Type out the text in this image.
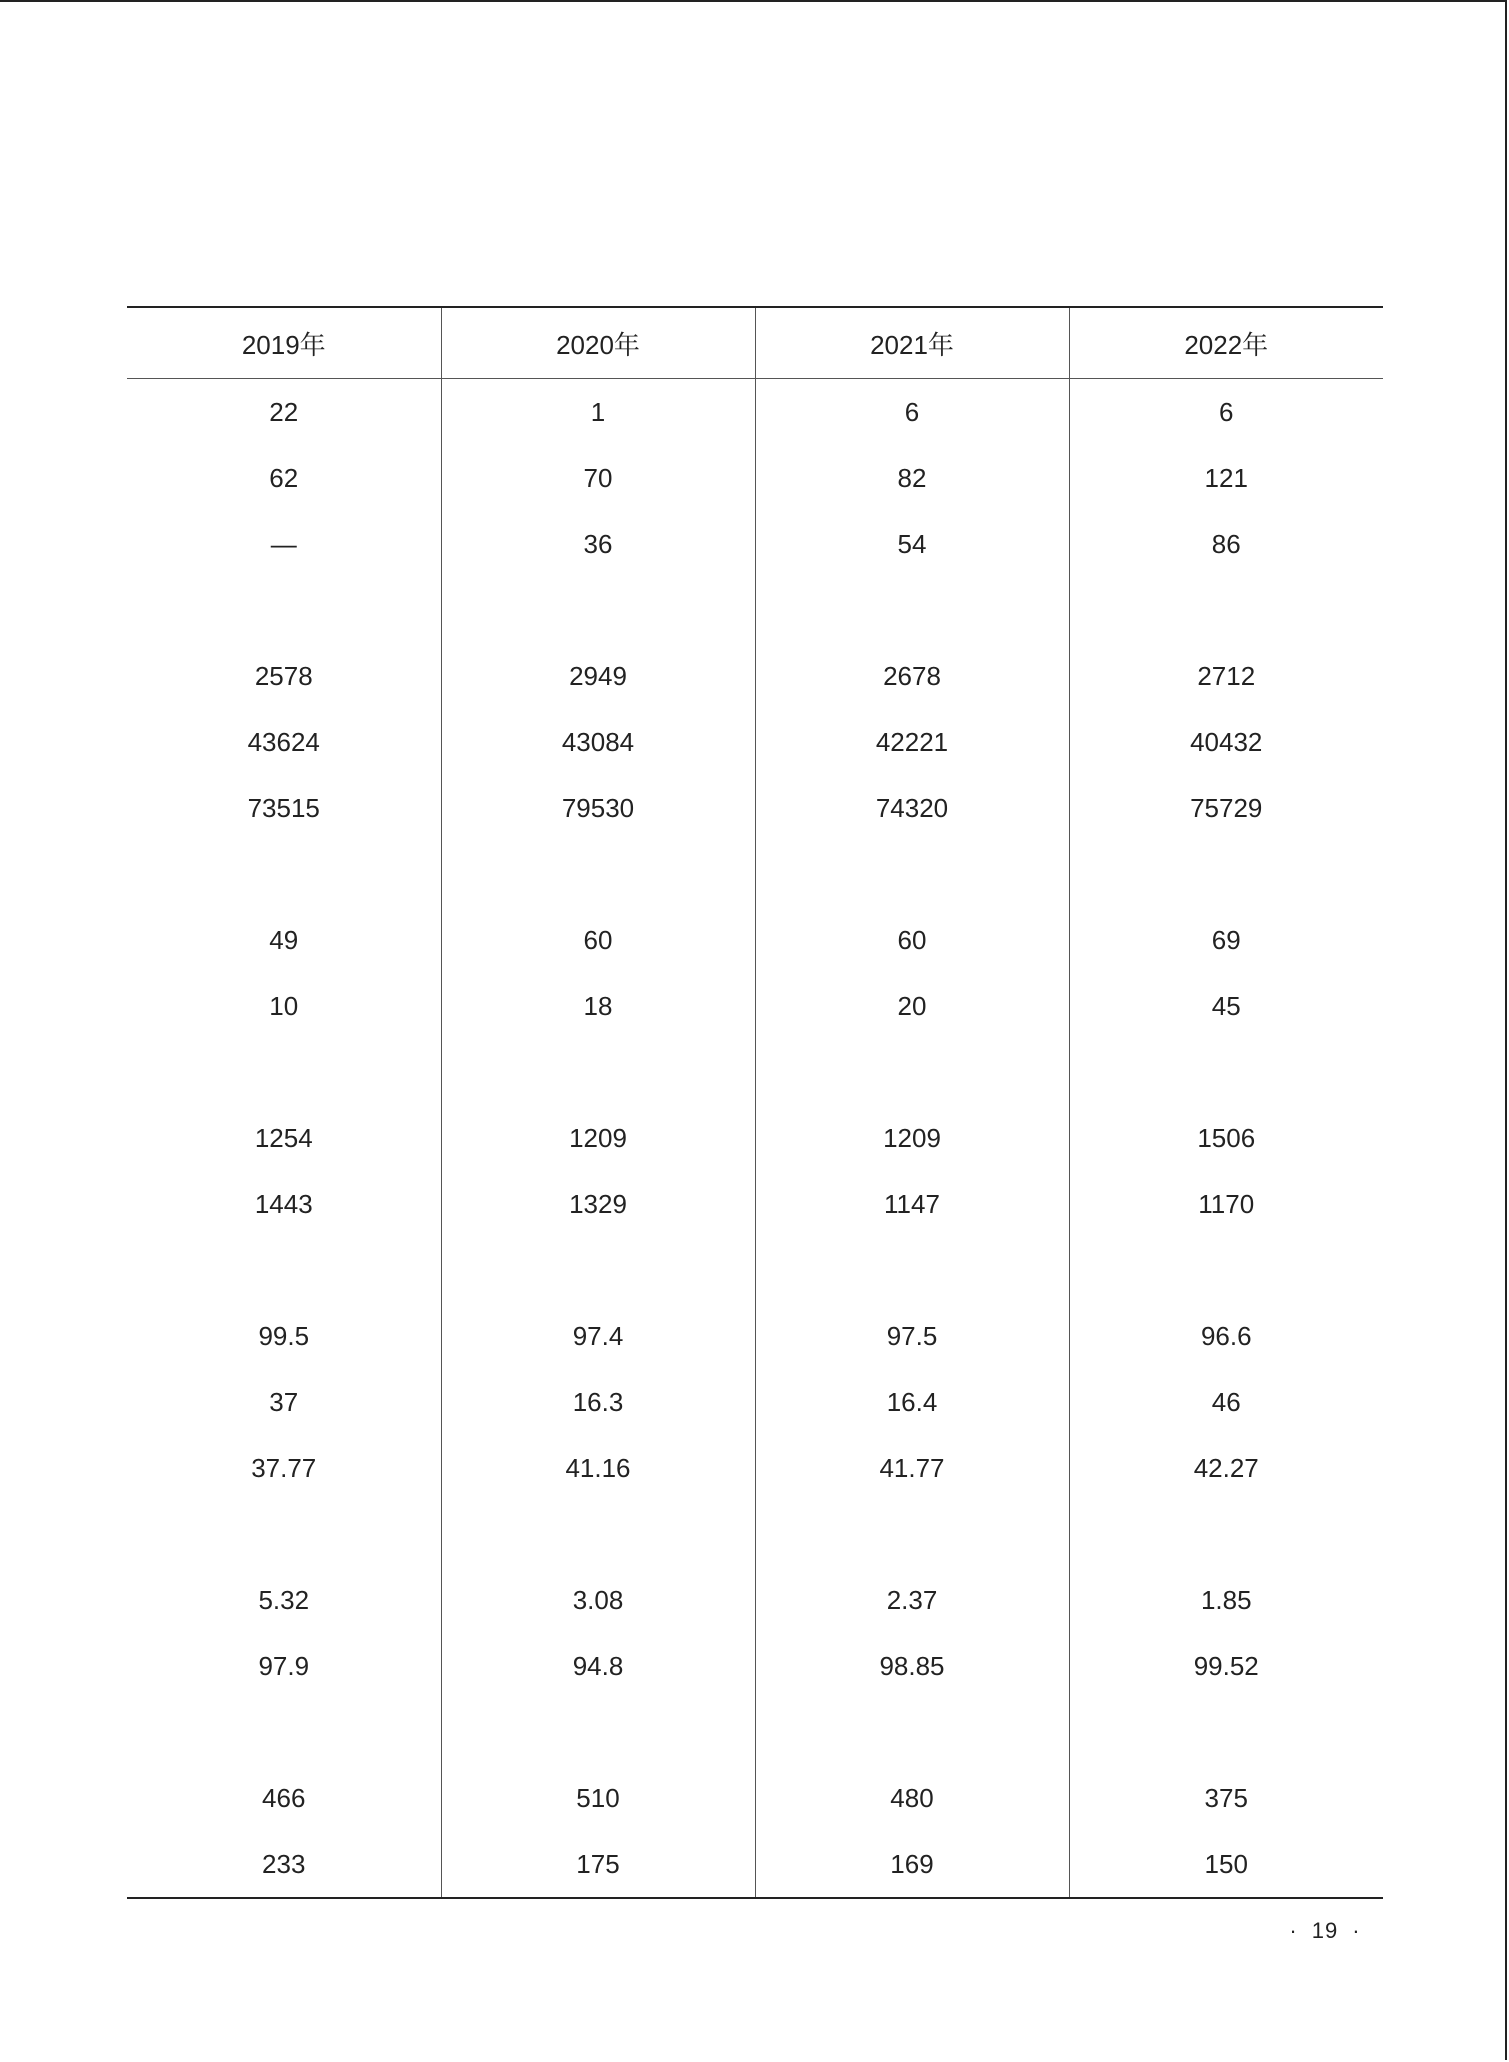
2019年	2020年	2021年	2022年
22	1	6	6
62	70	82	121
—	36	54	86

2578	2949	2678	2712
43624	43084	42221	40432
73515	79530	74320	75729

49	60	60	69
10	18	20	45

1254	1209	1209	1506
1443	1329	1147	1170

99.5	97.4	97.5	96.6
37	16.3	16.4	46
37.77	41.16	41.77	42.27

5.32	3.08	2.37	1.85
97.9	94.8	98.85	99.52

466	510	480	375
233	175	169	150
· 19 ·
